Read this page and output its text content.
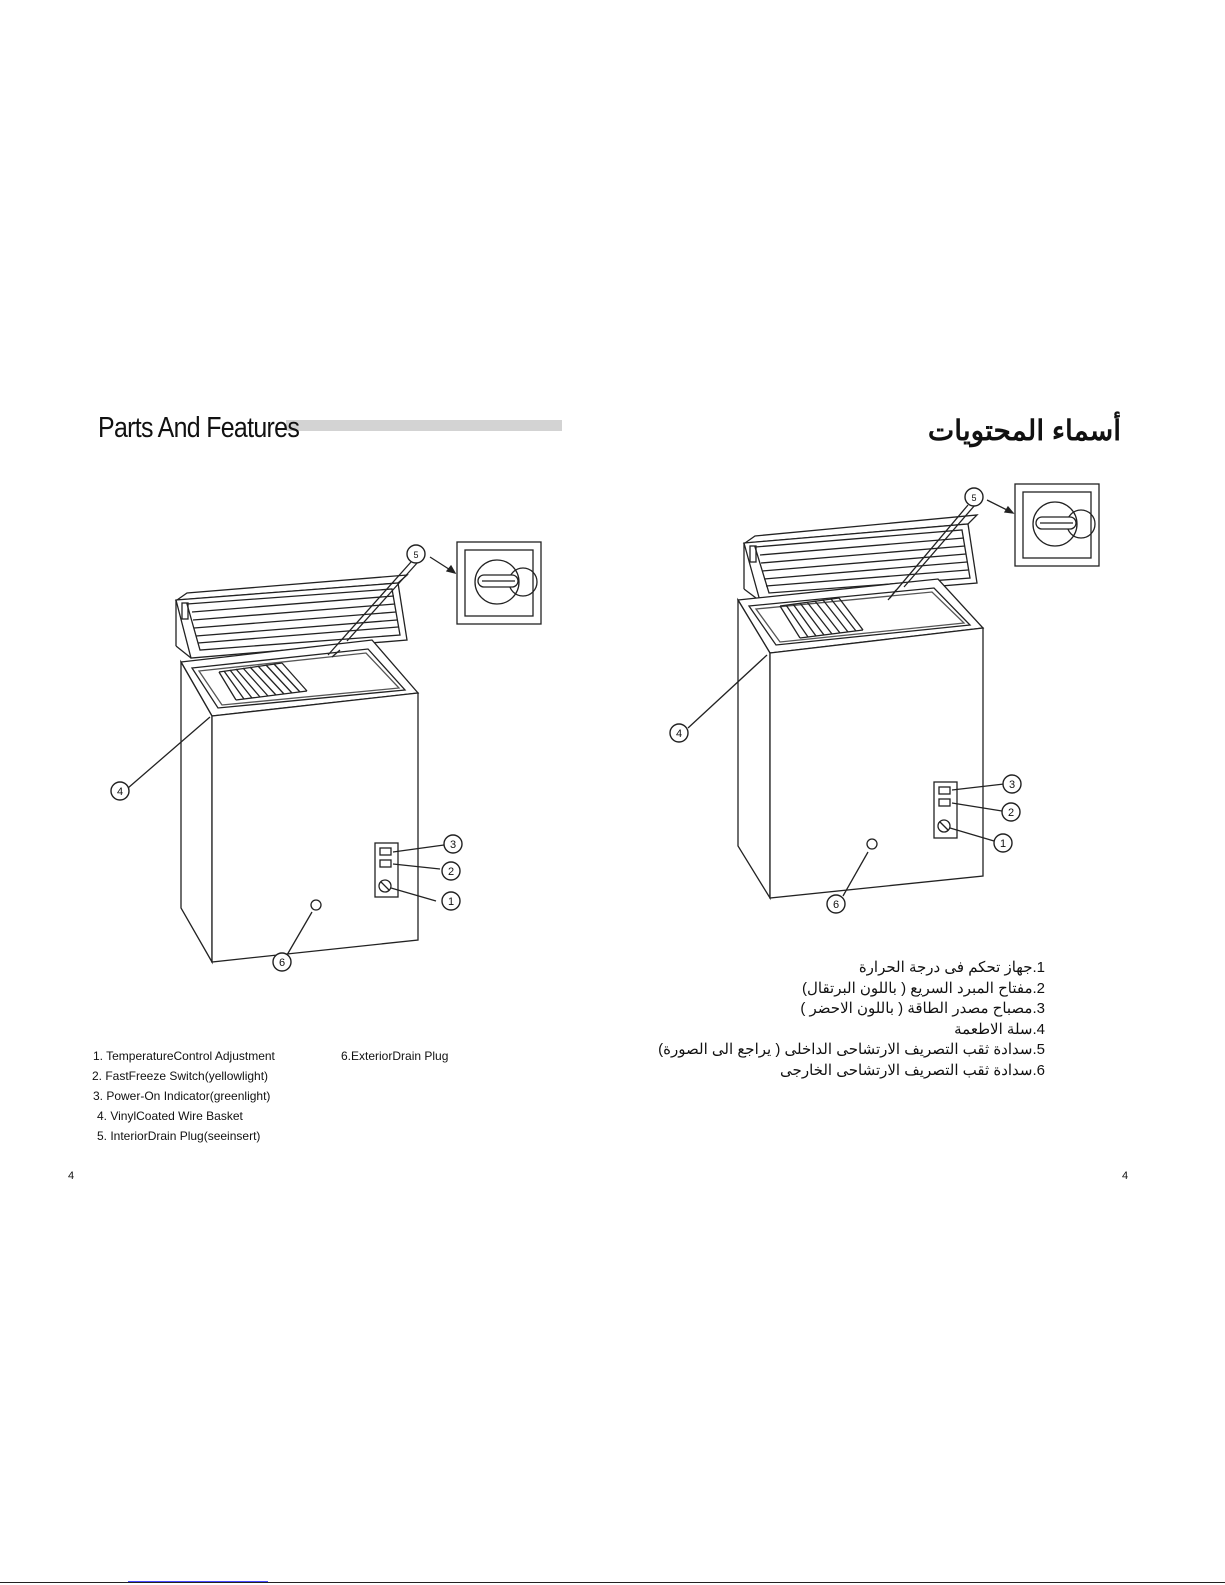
Parts And Features
1
2
3
4
5
6
1. TemperatureControl Adjustment
2. FastFreeze Switch(yellowlight)
3. Power-On Indicator(greenlight)
4. VinylCoated Wire Basket
5. InteriorDrain Plug(seeinsert)
6.ExteriorDrain Plug
4
أسماء المحتويات
1
2
3
4
5
6
1.جهاز تحكم فى درجة الحرارة
2.مفتاح المبرد السريع ( باللون البرتقال)
3.مصباح مصدر الطاقة ( باللون الاحضر )
4.سلة الاطعمة
5.سدادة ثقب التصريف الارتشاحى الداخلى ( يراجع الى الصورة)
6.سدادة ثقب التصريف الارتشاحى الخارجى
4
